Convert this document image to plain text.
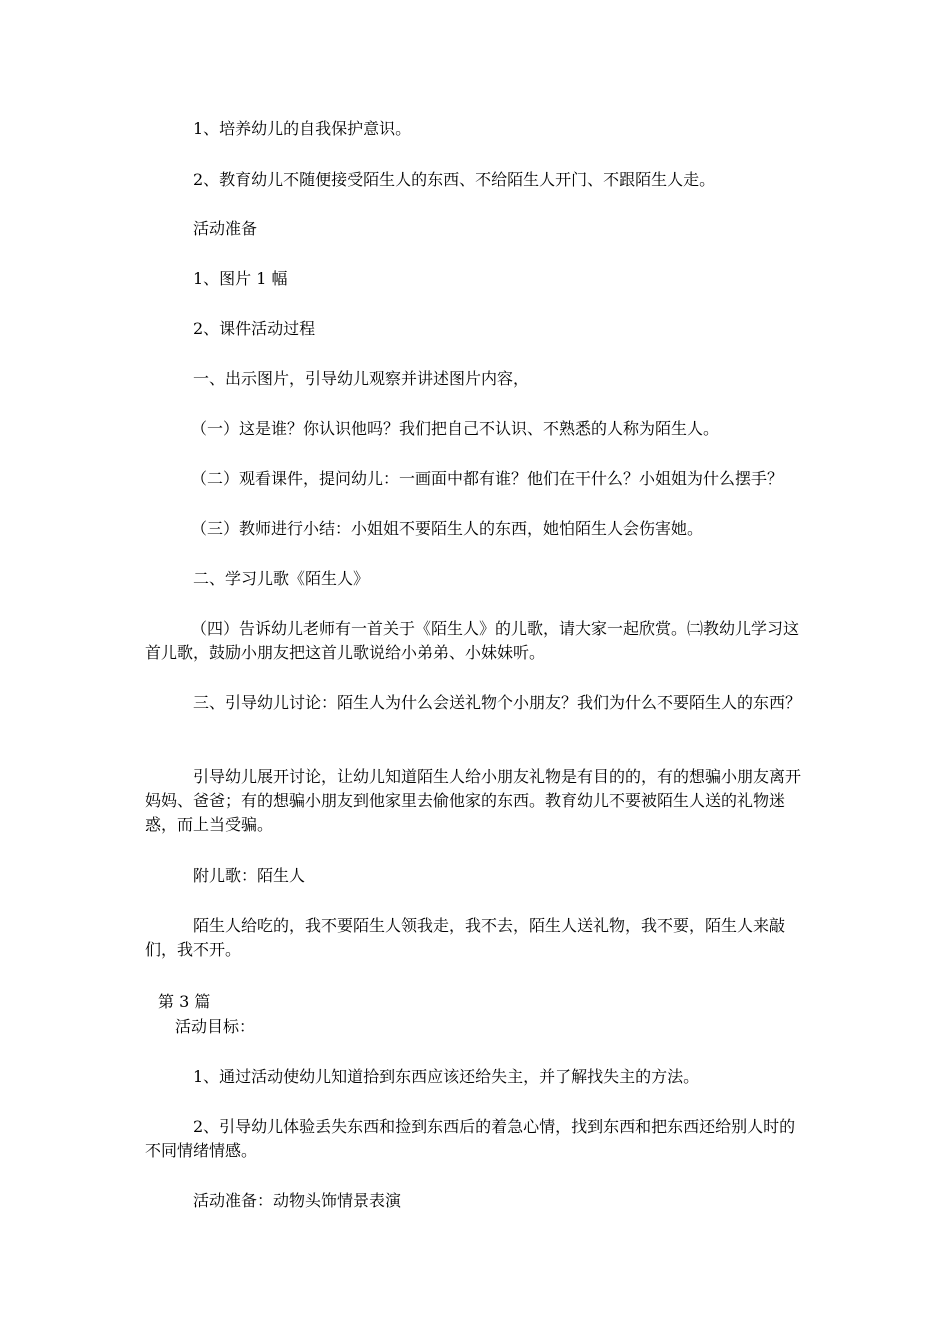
1、培养幼儿的自我保护意识。
2、教育幼儿不随便接受陌生人的东西、不给陌生人开门、不跟陌生人走。
活动准备
1、图片 1 幅
2、课件活动过程
一、出示图片，引导幼儿观察并讲述图片内容，
（一）这是谁？你认识他吗？我们把自己不认识、不熟悉的人称为陌生人。
（二）观看课件，提问幼儿：一画面中都有谁？他们在干什么？小姐姐为什么摆手？
（三）教师进行小结：小姐姐不要陌生人的东西，她怕陌生人会伤害她。
二、学习儿歌《陌生人》
（四）告诉幼儿老师有一首关于《陌生人》的儿歌，请大家一起欣赏。㈡教幼儿学习这首儿歌，鼓励小朋友把这首儿歌说给小弟弟、小妹妹听。
三、引导幼儿讨论：陌生人为什么会送礼物个小朋友？我们为什么不要陌生人的东西？
引导幼儿展开讨论，让幼儿知道陌生人给小朋友礼物是有目的的，有的想骗小朋友离开妈妈、爸爸；有的想骗小朋友到他家里去偷他家的东西。教育幼儿不要被陌生人送的礼物迷惑，而上当受骗。
附儿歌：陌生人
陌生人给吃的，我不要陌生人领我走，我不去，陌生人送礼物，我不要，陌生人来敲们，我不开。
第 3 篇
活动目标：
1、通过活动使幼儿知道拾到东西应该还给失主，并了解找失主的方法。
2、引导幼儿体验丢失东西和捡到东西后的着急心情，找到东西和把东西还给别人时的不同情绪情感。
活动准备：动物头饰情景表演
